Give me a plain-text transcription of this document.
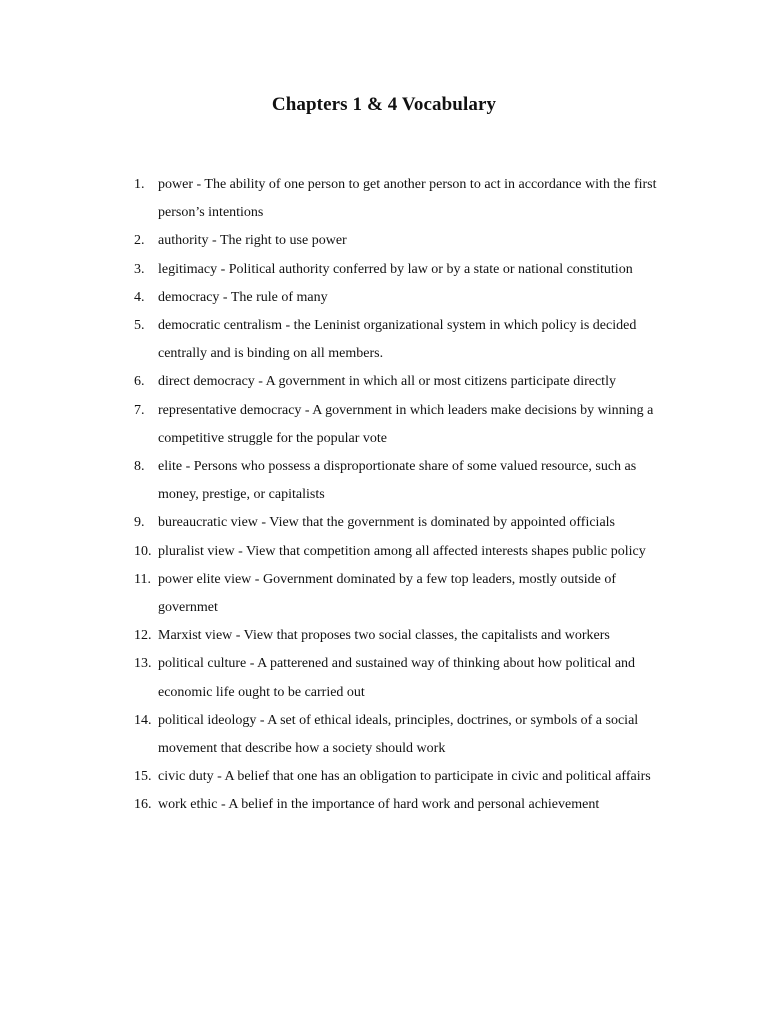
Chapters 1 & 4 Vocabulary
1. power - The ability of one person to get another person to act in accordance with the first person’s intentions
2. authority - The right to use power
3. legitimacy - Political authority conferred by law or by a state or national constitution
4. democracy - The rule of many
5. democratic centralism - the Leninist organizational system in which policy is decided centrally and is binding on all members.
6. direct democracy - A government in which all or most citizens participate directly
7. representative democracy - A government in which leaders make decisions by winning a competitive struggle for the popular vote
8. elite - Persons who possess a disproportionate share of some valued resource, such as money, prestige, or capitalists
9. bureaucratic view - View that the government is dominated by appointed officials
10. pluralist view - View that competition among all affected interests shapes public policy
11. power elite view - Government dominated by a few top leaders, mostly outside of governmet
12. Marxist view - View that proposes two social classes, the capitalists and workers
13. political culture - A patterened and sustained way of thinking about how political and economic life ought to be carried out
14. political ideology - A set of ethical ideals, principles, doctrines, or symbols of a social movement that describe how a society should work
15. civic duty - A belief that one has an obligation to participate in civic and political affairs
16. work ethic - A belief in the importance of hard work and personal achievement
